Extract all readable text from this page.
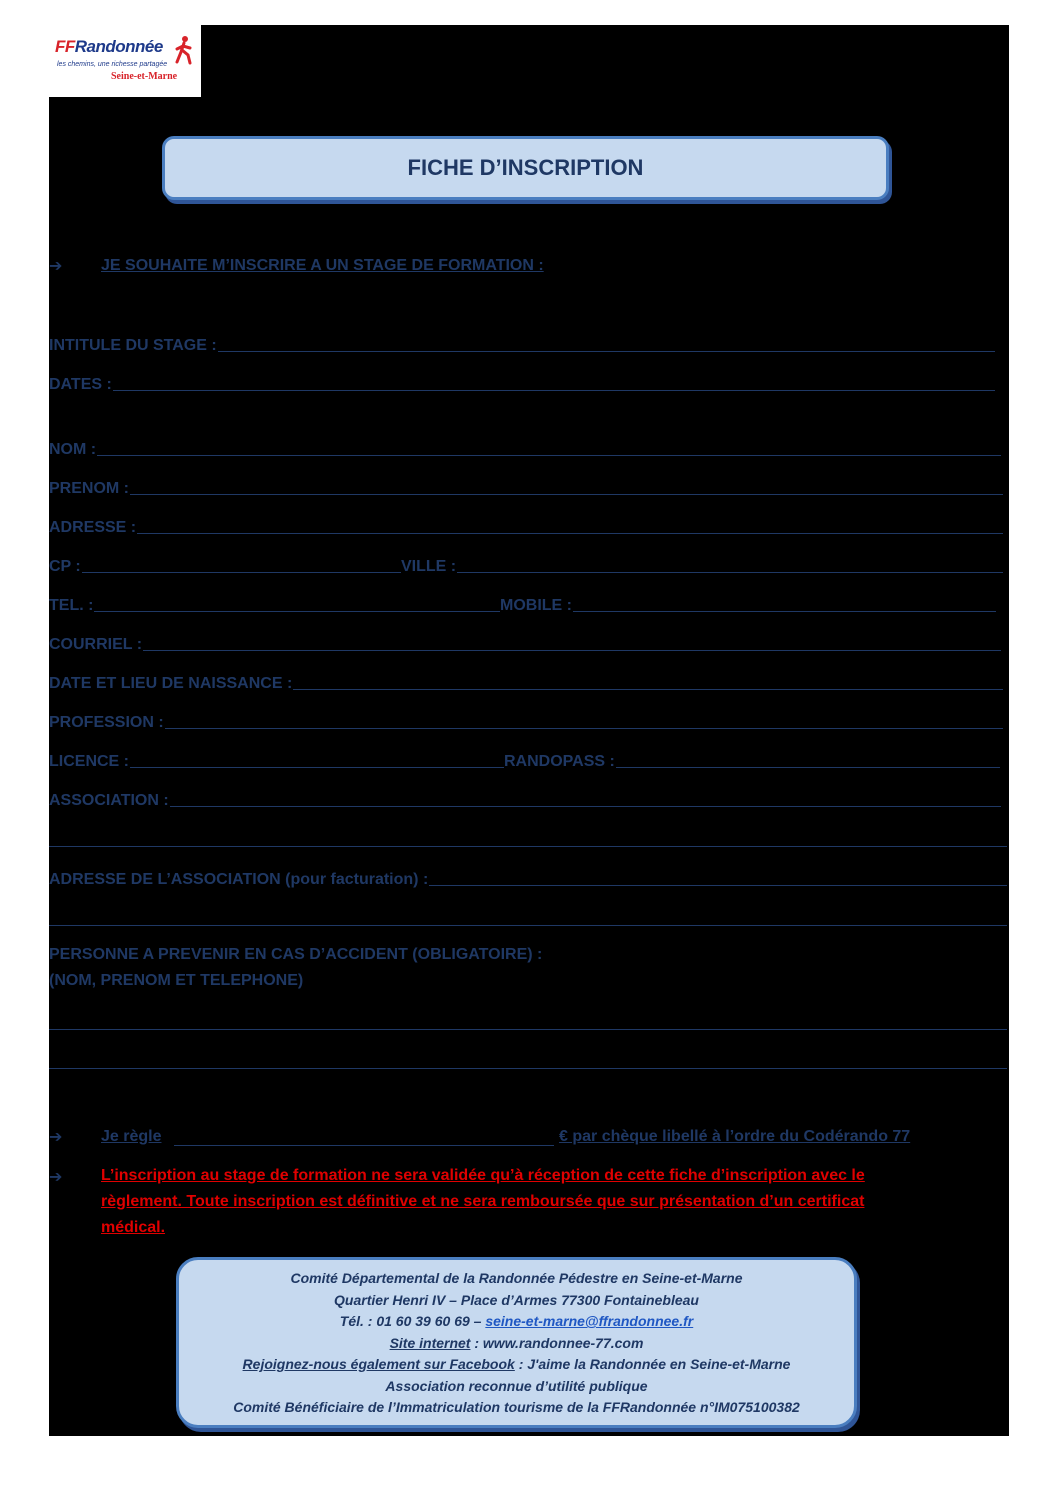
FFRandonnée
les chemins, une richesse partagée
Seine-et-Marne
FICHE D’INSCRIPTION
➔ JE SOUHAITE M’INSCRIRE A UN STAGE DE FORMATION :
INTITULE DU STAGE :
DATES :
NOM :
PRENOM :
ADRESSE :
CP :	VILLE :
TEL. :	MOBILE :
COURRIEL :
DATE ET LIEU DE NAISSANCE :
PROFESSION :
LICENCE :	RANDOPASS :
ASSOCIATION :
ADRESSE DE L’ASSOCIATION (pour facturation) :
PERSONNE A PREVENIR EN CAS D’ACCIDENT (OBLIGATOIRE) :
(NOM, PRENOM ET TELEPHONE)
➔ Je règle	€ par chèque libellé à l’ordre du Codérando 77
➔ L’inscription au stage de formation ne sera validée qu’à réception de cette fiche d’inscription avec le
règlement. Toute inscription est définitive et ne sera remboursée que sur présentation d’un certificat
médical.
Comité Départemental de la Randonnée Pédestre en Seine-et-Marne
Quartier Henri IV – Place d’Armes 77300 Fontainebleau
Tél. : 01 60 39 60 69 – seine-et-marne@ffrandonnee.fr
Site internet : www.randonnee-77.com
Rejoignez-nous également sur Facebook : J'aime la Randonnée en Seine-et-Marne
Association reconnue d’utilité publique
Comité Bénéficiaire de l’Immatriculation tourisme de la FFRandonnée n°IM075100382
